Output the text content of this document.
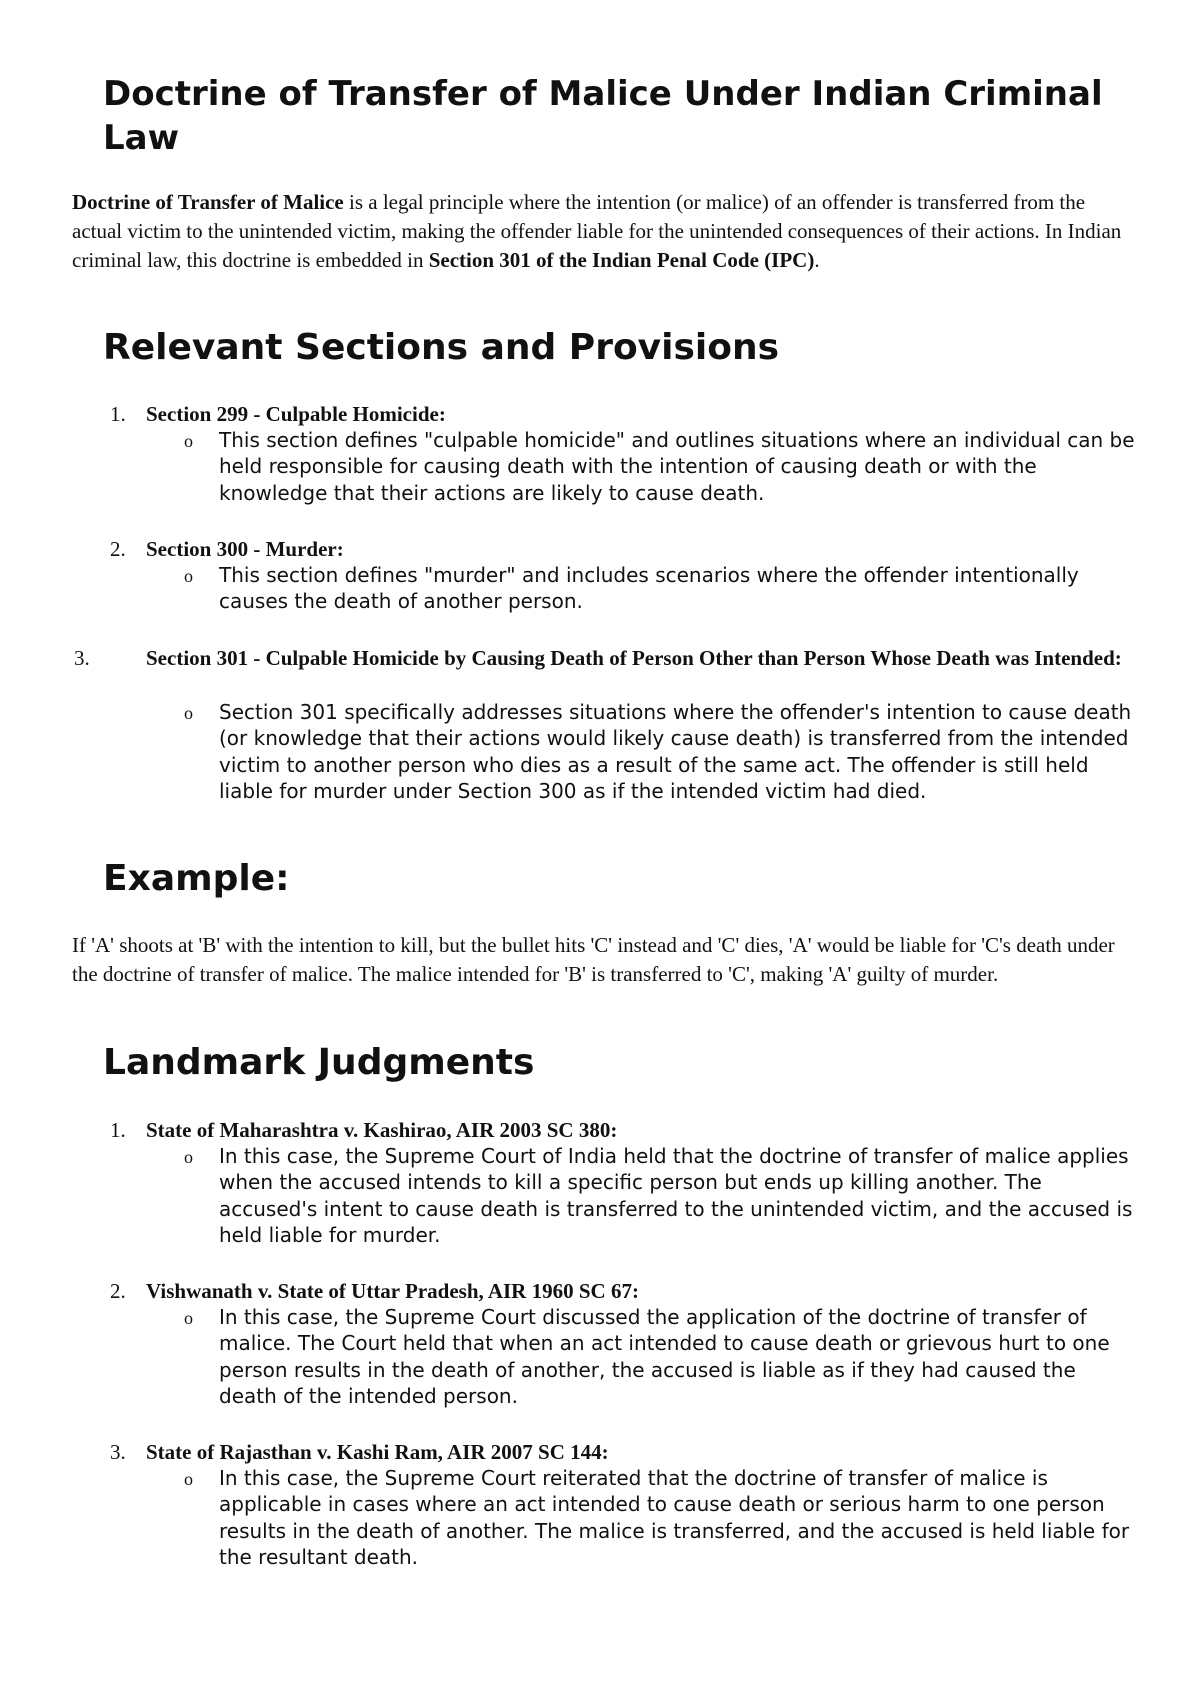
Doctrine of Transfer of Malice Under Indian Criminal Law

Doctrine of Transfer of Malice is a legal principle where the intention (or malice) of an offender is transferred from the actual victim to the unintended victim, making the offender liable for the unintended consequences of their actions. In Indian criminal law, this doctrine is embedded in Section 301 of the Indian Penal Code (IPC).

Relevant Sections and Provisions
1. Section 299 - Culpable Homicide:
o This section defines "culpable homicide" and outlines situations where an individual can be held responsible for causing death with the intention of causing death or with the knowledge that their actions are likely to cause death.

2. Section 300 - Murder:
o This section defines "murder" and includes scenarios where the offender intentionally causes the death of another person.

3.	Section 301 - Culpable Homicide by Causing Death of Person Other than Person Whose Death was Intended:
o Section 301 specifically addresses situations where the offender's intention to cause death (or knowledge that their actions would likely cause death) is transferred from the intended victim to another person who dies as a result of the same act. The offender is still held liable for murder under Section 300 as if the intended victim had died.

Example:

If 'A' shoots at 'B' with the intention to kill, but the bullet hits 'C' instead and 'C' dies, 'A' would be liable for 'C's death under the doctrine of transfer of malice. The malice intended for 'B' is transferred to 'C', making 'A' guilty of murder.

Landmark Judgments
1. State of Maharashtra v. Kashirao, AIR 2003 SC 380:
o In this case, the Supreme Court of India held that the doctrine of transfer of malice applies when the accused intends to kill a specific person but ends up killing another. The accused's intent to cause death is transferred to the unintended victim, and the accused is held liable for murder.

2. Vishwanath v. State of Uttar Pradesh, AIR 1960 SC 67:
o In this case, the Supreme Court discussed the application of the doctrine of transfer of malice. The Court held that when an act intended to cause death or grievous hurt to one person results in the death of another, the accused is liable as if they had caused the death of the intended person.

3. State of Rajasthan v. Kashi Ram, AIR 2007 SC 144:
o In this case, the Supreme Court reiterated that the doctrine of transfer of malice is applicable in cases where an act intended to cause death or serious harm to one person results in the death of another. The malice is transferred, and the accused is held liable for the resultant death.
